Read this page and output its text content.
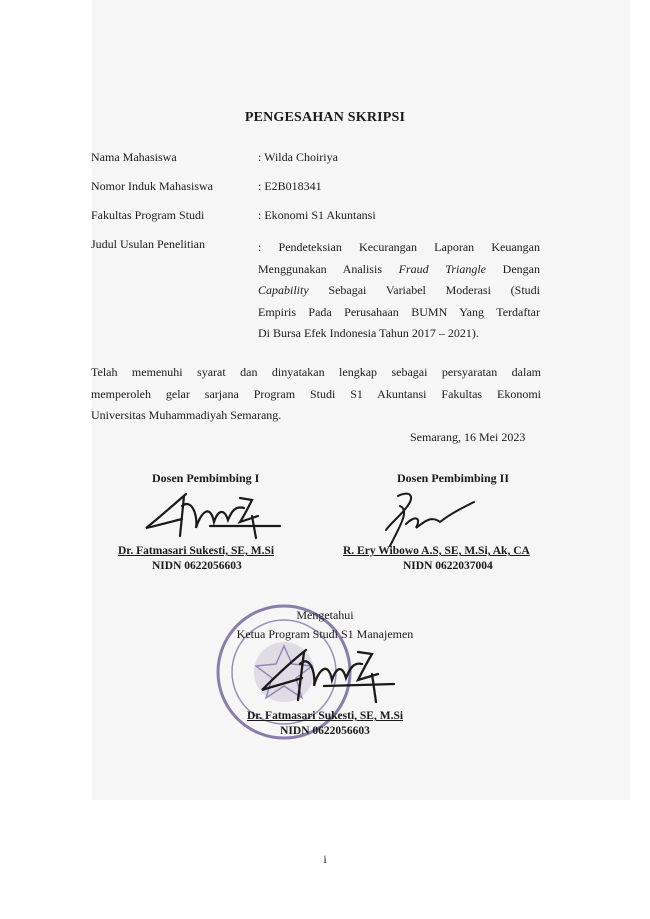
PENGESAHAN SKRIPSI
Nama Mahasiswa	: Wilda Choiriya
Nomor Induk Mahasiswa	: E2B018341
Fakultas Program Studi	: Ekonomi S1 Akuntansi
Judul Usulan Penelitian	: Pendeteksian Kecurangan Laporan Keuangan
Menggunakan Analisis Fraud Triangle Dengan
Capability Sebagai Variabel Moderasi (Studi
Empiris Pada Perusahaan BUMN Yang Terdaftar
Di Bursa Efek Indonesia Tahun 2017 – 2021).
Telah memenuhi syarat dan dinyatakan lengkap sebagai persyaratan dalam
memperoleh gelar sarjana Program Studi S1 Akuntansi Fakultas Ekonomi
Universitas Muhammadiyah Semarang.
Semarang, 16 Mei 2023
Dosen Pembimbing I
Dr. Fatmasari Sukesti, SE, M.Si
NIDN 0622056603
Dosen Pembimbing II
R. Ery Wibowo A.S, SE, M.Si, Ak, CA
NIDN 0622037004
Mengetahui
Ketua Program Studi S1 Manajemen
Dr. Fatmasari Sukesti, SE, M.Si
NIDN 0622056603
i
